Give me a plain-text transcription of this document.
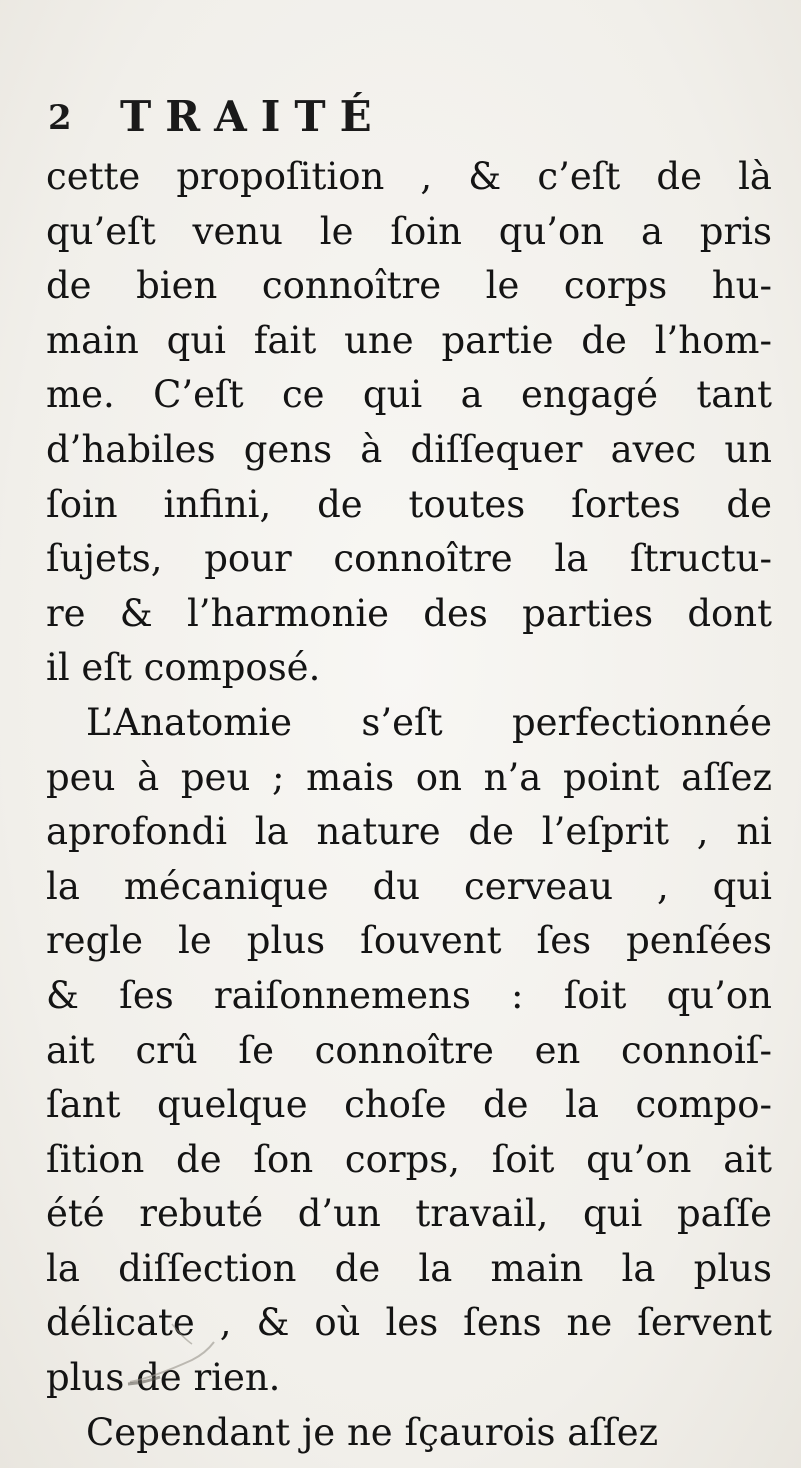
2 TRAITÉ
cette propoſition , & c’eſt de là
qu’eſt venu le ſoin qu’on a pris
de bien connoître le corps hu-
main qui fait une partie de l’hom-
me. C’eſt ce qui a engagé tant
d’habiles gens à diſſequer avec un
ſoin infini, de toutes ſortes de
ſujets, pour connoître la ſtructu-
re & l’harmonie des parties dont
il eſt composé.
L’Anatomie s’eſt perfectionnée
peu à peu ; mais on n’a point aſſez
aprofondi la nature de l’eſprit , ni
la mécanique du cerveau , qui
regle le plus ſouvent ſes penſées
& ſes raiſonnemens : ſoit qu’on
ait crû ſe connoître en connoiſ-
ſant quelque choſe de la compo-
ſition de ſon corps, ſoit qu’on ait
été rebuté d’un travail, qui paſſe
la diſſection de la main la plus
délicate , & où les ſens ne ſervent
plus de rien.
Cependant je ne ſçaurois aſſez
